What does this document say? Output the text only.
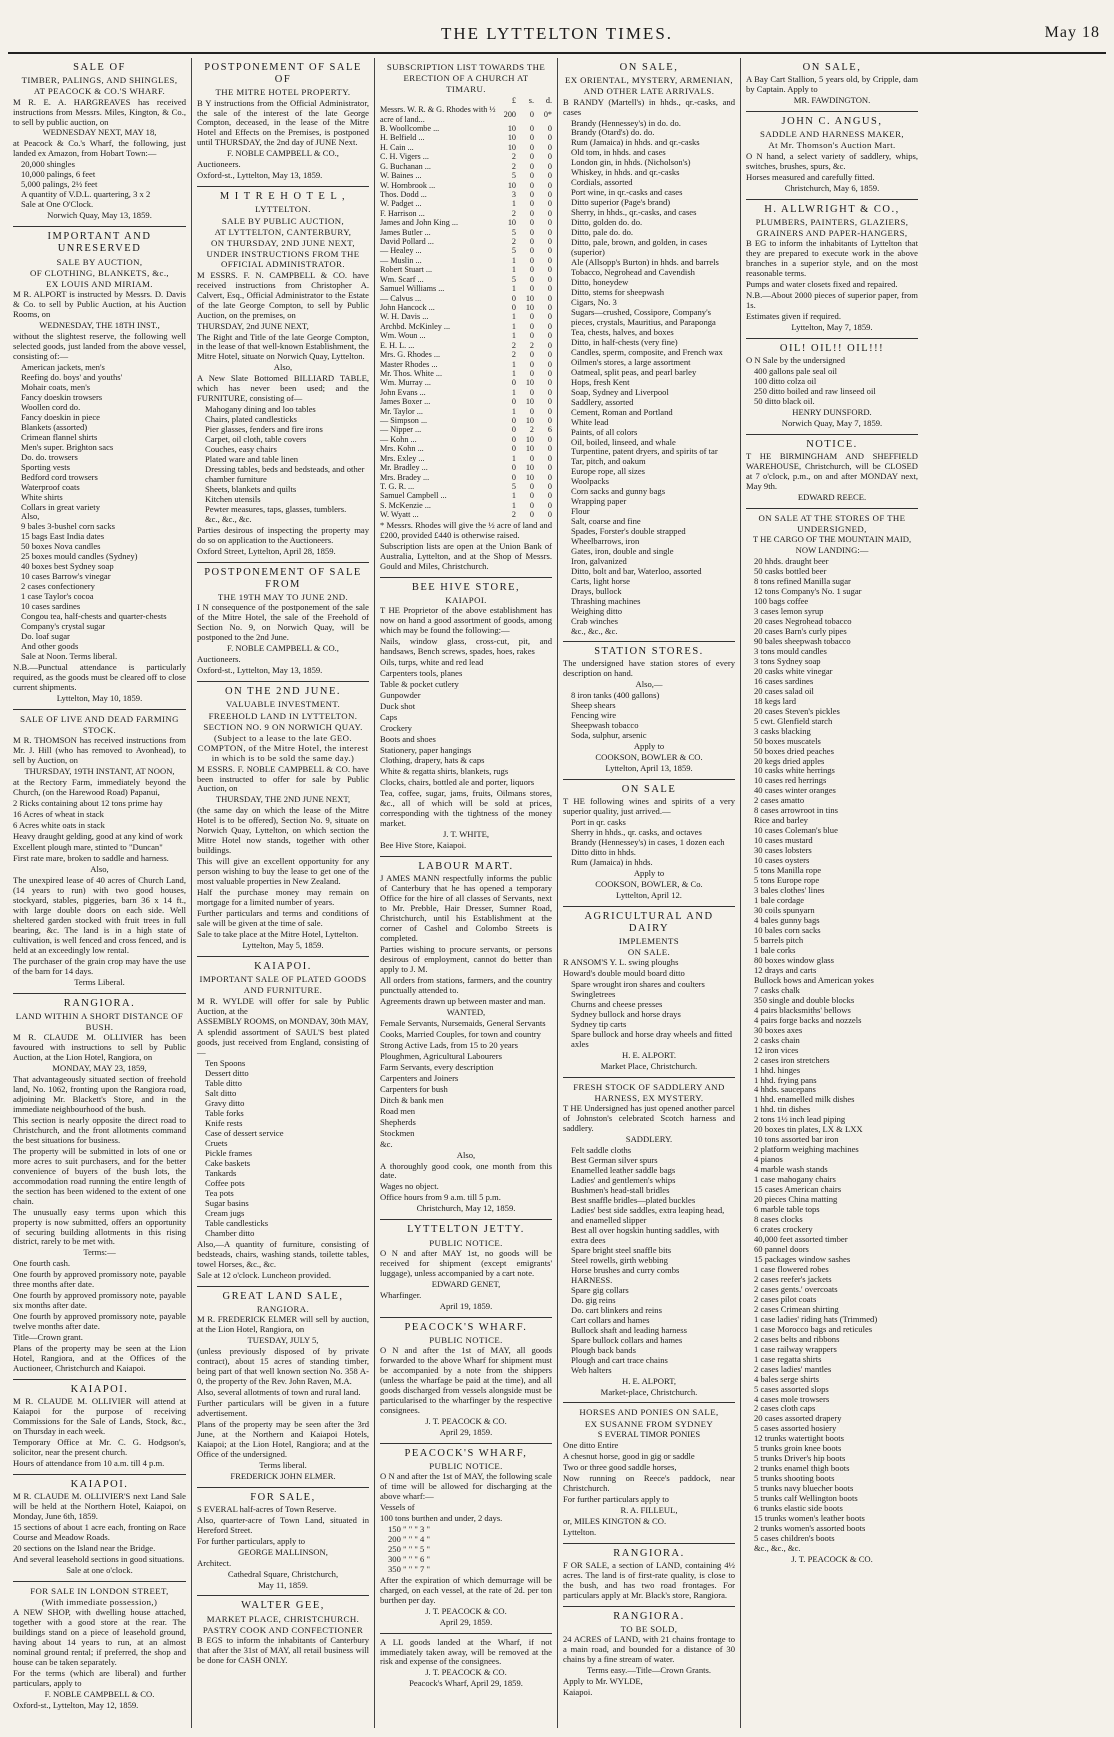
THE LYTTELTON TIMES.	May 18
SALE OF
TIMBER, PALINGS, AND SHINGLES,
AT PEACOCK & CO.'S WHARF.
M R. E. A. HARGREAVES has received instructions from Messrs. Miles, Kington, & Co., to sell by public auction, on
WEDNESDAY NEXT, MAY 18,
at Peacock & Co.'s Wharf, the following, just landed ex Amazon, from Hobart Town:—
20,000 shingles
10,000 palings, 6 feet
5,000 palings, 2½ feet
A quantity of V.D.L. quartering, 3 x 2
Sale at One O'Clock.
Norwich Quay, May 13, 1859.
IMPORTANT AND UNRESERVED
SALE BY AUCTION,
OF CLOTHING, BLANKETS, &c.,
EX LOUIS AND MIRIAM.
M R. ALPORT is instructed by Messrs. D. Davis & Co. to sell by Public Auction, at his Auction Rooms, on
WEDNESDAY, THE 18TH INST.,
without the slightest reserve, the following well selected goods, just landed from the above vessel, consisting of:—
American jackets, men's
Reefing do. boys' and youths'
Mohair coats, men's
Fancy doeskin trowsers
Woollen cord do.
Fancy doeskin in piece
Blankets (assorted)
Crimean flannel shirts
Men's super. Brighton sacs
Do. do. trowsers
Sporting vests
Bedford cord trowsers
Waterproof coats
White shirts
Collars in great variety
Also,
9 bales 3-bushel corn sacks
15 bags East India dates
50 boxes Nova candles
25 boxes mould candles (Sydney)
40 boxes best Sydney soap
10 cases Barrow's vinegar
2 cases confectionery
1 case Taylor's cocoa
10 cases sardines
Congou tea, half-chests and quarter-chests
Company's crystal sugar
Do. loaf sugar
And other goods
Sale at Noon. Terms liberal.
N.B.—Punctual attendance is particularly required, as the goods must be cleared off to close current shipments.
Lyttelton, May 10, 1859.
SALE OF LIVE AND DEAD FARMING
STOCK.
M R. THOMSON has received instructions from Mr. J. Hill (who has removed to Avonhead), to sell by Auction, on
THURSDAY, 19TH INSTANT, AT NOON,
at the Rectory Farm, immediately beyond the Church, (on the Harewood Road) Papanui,
2 Ricks containing about 12 tons prime hay
16 Acres of wheat in stack
6 Acres white oats in stack
Heavy draught gelding, good at any kind of work
Excellent plough mare, stinted to "Duncan"
First rate mare, broken to saddle and harness.
Also,
The unexpired lease of 40 acres of Church Land, (14 years to run) with two good houses, stockyard, stables, piggeries, barn 36 x 14 ft., with large double doors on each side. Well sheltered garden stocked with fruit trees in full bearing, &c. The land is in a high state of cultivation, is well fenced and cross fenced, and is held at an exceedingly low rental.
The purchaser of the grain crop may have the use of the barn for 14 days.
Terms Liberal.
RANGIORA.
LAND WITHIN A SHORT DISTANCE OF
BUSH.
M R. CLAUDE M. OLLIVIER has been favoured with instructions to sell by Public Auction, at the Lion Hotel, Rangiora, on
MONDAY, MAY 23, 1859,
That advantageously situated section of freehold land, No. 1062, fronting upon the Rangiora road, adjoining Mr. Blackett's Store, and in the immediate neighbourhood of the bush.
This section is nearly opposite the direct road to Christchurch, and the front allotments command the best situations for business.
The property will be submitted in lots of one or more acres to suit purchasers, and for the better convenience of buyers of the bush lots, the accommodation road running the entire length of the section has been widened to the extent of one chain.
The unusually easy terms upon which this property is now submitted, offers an opportunity of securing building allotments in this rising district, rarely to be met with.
Terms:—
One fourth cash.
One fourth by approved promissory note, payable three months after date.
One fourth by approved promissory note, payable six months after date.
One fourth by approved promissory note, payable twelve months after date.
Title—Crown grant.
Plans of the property may be seen at the Lion Hotel, Rangiora, and at the Offices of the Auctioneer, Christchurch and Kaiapoi.
KAIAPOI.
M R. CLAUDE M. OLLIVIER will attend at Kaiapoi for the purpose of receiving Commissions for the Sale of Lands, Stock, &c., on Thursday in each week.
Temporary Office at Mr. C. G. Hodgson's, solicitor, near the present church.
Hours of attendance from 10 a.m. till 4 p.m.
KAIAPOI.
M R. CLAUDE M. OLLIVIER'S next Land Sale will be held at the Northern Hotel, Kaiapoi, on Monday, June 6th, 1859.
15 sections of about 1 acre each, fronting on Race Course and Meadow Roads.
20 sections on the Island near the Bridge.
And several leasehold sections in good situations.
Sale at one o'clock.
FOR SALE IN LONDON STREET,
(With immediate possession,)
A NEW SHOP, with dwelling house attached, together with a good store at the rear. The buildings stand on a piece of leasehold ground, having about 14 years to run, at an almost nominal ground rental; if preferred, the shop and house can be taken separately.
For the terms (which are liberal) and further particulars, apply to
F. NOBLE CAMPBELL & CO.
Oxford-st., Lyttelton, May 12, 1859.
POSTPONEMENT OF SALE OF
THE MITRE HOTEL PROPERTY.
B Y instructions from the Official Administrator, the sale of the interest of the late George Compton, deceased, in the lease of the Mitre Hotel and Effects on the Premises, is postponed until THURSDAY, the 2nd day of JUNE Next.
F. NOBLE CAMPBELL & CO.,
Auctioneers.
Oxford-st., Lyttelton, May 13, 1859.
M I T R E H O T E L ,
LYTTELTON.
SALE BY PUBLIC AUCTION,
AT LYTTELTON, CANTERBURY,
ON THURSDAY, 2ND JUNE NEXT,
UNDER INSTRUCTIONS FROM THE OFFICIAL ADMINISTRATOR.
M ESSRS. F. N. CAMPBELL & CO. have received instructions from Christopher A. Calvert, Esq., Official Administrator to the Estate of the late George Compton, to sell by Public Auction, on the premises, on
THURSDAY, 2nd JUNE NEXT,
The Right and Title of the late George Compton, in the lease of that well-known Establishment, the Mitre Hotel, situate on Norwich Quay, Lyttelton.
Also,
A New Slate Bottomed BILLIARD TABLE, which has never been used; and the FURNITURE, consisting of—
Mahogany dining and loo tables
Chairs, plated candlesticks
Pier glasses, fenders and fire irons
Carpet, oil cloth, table covers
Couches, easy chairs
Plated ware and table linen
Dressing tables, beds and bedsteads, and other chamber furniture
Sheets, blankets and quilts
Kitchen utensils
Pewter measures, taps, glasses, tumblers.
&c., &c., &c.
Parties desirous of inspecting the property may do so on application to the Auctioneers.
Oxford Street, Lyttelton, April 28, 1859.
POSTPONEMENT OF SALE FROM
THE 19TH MAY TO JUNE 2ND.
I N consequence of the postponement of the sale of the Mitre Hotel, the sale of the Freehold of Section No. 9, on Norwich Quay, will be postponed to the 2nd June.
F. NOBLE CAMPBELL & CO.,
Auctioneers.
Oxford-st., Lyttelton, May 13, 1859.
ON THE 2ND JUNE.
VALUABLE INVESTMENT.
FREEHOLD LAND IN LYTTELTON.
SECTION NO. 9 ON NORWICH QUAY.
(Subject to a lease to the late GEO. COMPTON, of the Mitre Hotel, the interest in which is to be sold the same day.)
M ESSRS. F. NOBLE CAMPBELL & CO. have been instructed to offer for sale by Public Auction, on
THURSDAY, THE 2ND JUNE NEXT,
(the same day on which the lease of the Mitre Hotel is to be offered), Section No. 9, situate on Norwich Quay, Lyttelton, on which section the Mitre Hotel now stands, together with other buildings.
This will give an excellent opportunity for any person wishing to buy the lease to get one of the most valuable properties in New Zealand.
Half the purchase money may remain on mortgage for a limited number of years.
Further particulars and terms and conditions of sale will be given at the time of sale.
Sale to take place at the Mitre Hotel, Lyttelton.
Lyttelton, May 5, 1859.
KAIAPOI.
IMPORTANT SALE OF PLATED GOODS
AND FURNITURE.
M R. WYLDE will offer for sale by Public Auction, at the
ASSEMBLY ROOMS, on MONDAY, 30th MAY,
A splendid assortment of SAUL'S best plated goods, just received from England, consisting of—
Ten Spoons
Dessert ditto
Table ditto
Salt ditto
Gravy ditto
Table forks
Knife rests
Case of dessert service
Cruets
Pickle frames
Cake baskets
Tankards
Coffee pots
Tea pots
Sugar basins
Cream jugs
Table candlesticks
Chamber ditto
Also,—A quantity of furniture, consisting of bedsteads, chairs, washing stands, toilette tables, towel Horses, &c., &c.
Sale at 12 o'clock. Luncheon provided.
GREAT LAND SALE,
RANGIORA.
M R. FREDERICK ELMER will sell by auction, at the Lion Hotel, Rangiora, on
TUESDAY, JULY 5,
(unless previously disposed of by private contract), about 15 acres of standing timber, being part of that well known section No. 358 A-0, the property of the Rev. John Raven, M.A.
Also, several allotments of town and rural land.
Further particulars will be given in a future advertisement.
Plans of the property may be seen after the 3rd June, at the Northern and Kaiapoi Hotels, Kaiapoi; at the Lion Hotel, Rangiora; and at the Office of the undersigned.
Terms liberal.
FREDERICK JOHN ELMER.
FOR SALE,
S EVERAL half-acres of Town Reserve.
Also, quarter-acre of Town Land, situated in Hereford Street.
For further particulars, apply to
GEORGE MALLINSON,
Architect.
Cathedral Square, Christchurch,
May 11, 1859.
WALTER GEE,
MARKET PLACE, CHRISTCHURCH.
PASTRY COOK AND CONFECTIONER
B EGS to inform the inhabitants of Canterbury that after the 31st of MAY, all retail business will be done for CASH ONLY.
SUBSCRIPTION LIST TOWARDS THE
ERECTION OF A CHURCH AT
TIMARU.
	£	s.	d.
Messrs. W. R. & G. Rhodes with ½ acre of land...	200	0	0*
B. Woollcombe ...	10	0	0
H. Belfield ...	10	0	0
H. Cain ...	10	0	0
C. H. Vigers ...	2	0	0
G. Buchanan ...	2	0	0
W. Baines ...	5	0	0
W. Hornbrook ...	10	0	0
Thos. Dodd ...	3	0	0
W. Padget ...	1	0	0
F. Harrison ...	2	0	0
James and John King ...	10	0	0
James Butler ...	5	0	0
David Pollard ...	2	0	0
— Healey ...	5	0	0
— Muslin ...	1	0	0
Robert Stuart ...	1	0	0
Wm. Scarf ...	5	0	0
Samuel Williams ...	1	0	0
— Calvus ...	0	10	0
John Hancock ...	0	10	0
W. H. Davis ...	1	0	0
Archbd. McKinley ...	1	0	0
Wm. Woun ...	1	0	0
E. H. L. ...	2	2	0
Mrs. G. Rhodes ...	2	0	0
Master Rhodes ...	1	0	0
Mr. Thos. White ...	1	0	0
Wm. Murray ...	0	10	0
John Evans ...	1	0	0
James Boxer ...	0	10	0
Mr. Taylor ...	1	0	0
— Simpson ...	0	10	0
— Nipper ...	0	2	6
— Kohn ...	0	10	0
Mrs. Kohn ...	0	10	0
Mrs. Exley ...	1	0	0
Mr. Bradley ...	0	10	0
Mrs. Bradey ...	0	10	0
T. G. R. ...	5	0	0
Samuel Campbell ...	1	0	0
S. McKenzie ...	1	0	0
W. Wyatt ...	2	0	0
* Messrs. Rhodes will give the ½ acre of land and £200, provided £440 is otherwise raised.
Subscription lists are open at the Union Bank of Australia, Lyttelton, and at the Shop of Messrs. Gould and Miles, Christchurch.
BEE HIVE STORE,
KAIAPOI.
T HE Proprietor of the above establishment has now on hand a good assortment of goods, among which may be found the following:—
Nails, window glass, cross-cut, pit, and handsaws, Bench screws, spades, hoes, rakes
Oils, turps, white and red lead
Carpenters tools, planes
Table & pocket cutlery
Gunpowder
Duck shot
Caps
Crockery
Boots and shoes
Stationery, paper hangings
Clothing, drapery, hats & caps
White & regatta shirts, blankets, rugs
Clocks, chairs, bottled ale and porter, liquors
Tea, coffee, sugar, jams, fruits, Oilmans stores, &c., all of which will be sold at prices, corresponding with the tightness of the money market.
J. T. WHITE,
Bee Hive Store, Kaiapoi.
LABOUR MART.
J AMES MANN respectfully informs the public of Canterbury that he has opened a temporary Office for the hire of all classes of Servants, next to Mr. Prebble, Hair Dresser, Sumner Road, Christchurch, until his Establishment at the corner of Cashel and Colombo Streets is completed.
Parties wishing to procure servants, or persons desirous of employment, cannot do better than apply to J. M.
All orders from stations, farmers, and the country punctually attended to.
Agreements drawn up between master and man.
WANTED,
Female Servants, Nursemaids, General Servants
Cooks, Married Couples, for town and country
Strong Active Lads, from 15 to 20 years
Ploughmen, Agricultural Labourers
Farm Servants, every description
Carpenters and Joiners
Carpenters for bush
Ditch & bank men
Road men
Shepherds
Stockmen
&c.
Also,
A thoroughly good cook, one month from this date.
Wages no object.
Office hours from 9 a.m. till 5 p.m.
Christchurch, May 12, 1859.
LYTTELTON JETTY.
PUBLIC NOTICE.
O N and after MAY 1st, no goods will be received for shipment (except emigrants' luggage), unless accompanied by a cart note.
EDWARD GENET,
Wharfinger.
April 19, 1859.
PEACOCK'S WHARF.
PUBLIC NOTICE.
O N and after the 1st of MAY, all goods forwarded to the above Wharf for shipment must be accompanied by a note from the shippers (unless the wharfage be paid at the time), and all goods discharged from vessels alongside must be particularised to the wharfinger by the respective consignees.
J. T. PEACOCK & CO.
April 29, 1859.
PEACOCK'S WHARF,
PUBLIC NOTICE.
O N and after the 1st of MAY, the following scale of time will be allowed for discharging at the above wharf:—
Vessels of
100 tons burthen and under, 2 days.
150 " " " 3 "
200 " " " 4 "
250 " " " 5 "
300 " " " 6 "
350 " " " 7 "
After the expiration of which demurrage will be charged, on each vessel, at the rate of 2d. per ton burthen per day.
J. T. PEACOCK & CO.
April 29, 1859.
A LL goods landed at the Wharf, if not immediately taken away, will be removed at the risk and expense of the consignees.
J. T. PEACOCK & CO.
Peacock's Wharf, April 29, 1859.
ON SALE,
EX ORIENTAL, MYSTERY, ARMENIAN,
AND OTHER LATE ARRIVALS.
B RANDY (Martell's) in hhds., qr.-casks, and cases
Brandy (Hennessey's) in do. do.
Brandy (Otard's) do. do.
Rum (Jamaica) in hhds. and qr.-casks
Old tom, in hhds. and cases
London gin, in hhds. (Nicholson's)
Whiskey, in hhds. and qr.-casks
Cordials, assorted
Port wine, in qr.-casks and cases
Ditto superior (Page's brand)
Sherry, in hhds., qr.-casks, and cases
Ditto, golden do. do.
Ditto, pale do. do.
Ditto, pale, brown, and golden, in cases (superior)
Ale (Allsopp's Burton) in hhds. and barrels
Tobacco, Negrohead and Cavendish
Ditto, honeydew
Ditto, stems for sheepwash
Cigars, No. 3
Sugars—crushed, Cossipore, Company's pieces, crystals, Mauritius, and Paraponga
Tea, chests, halves, and boxes
Ditto, in half-chests (very fine)
Candles, sperm, composite, and French wax
Oilmen's stores, a large assortment
Oatmeal, split peas, and pearl barley
Hops, fresh Kent
Soap, Sydney and Liverpool
Saddlery, assorted
Cement, Roman and Portland
White lead
Paints, of all colors
Oil, boiled, linseed, and whale
Turpentine, patent dryers, and spirits of tar
Tar, pitch, and oakum
Europe rope, all sizes
Woolpacks
Corn sacks and gunny bags
Wrapping paper
Flour
Salt, coarse and fine
Spades, Forster's double strapped
Wheelbarrows, iron
Gates, iron, double and single
Iron, galvanized
Ditto, bolt and bar, Waterloo, assorted
Carts, light horse
Drays, bullock
Thrashing machines
Weighing ditto
Crab winches
&c., &c., &c.
STATION STORES.
The undersigned have station stores of every description on hand.
Also,—
8 iron tanks (400 gallons)
Sheep shears
Fencing wire
Sheepwash tobacco
Soda, sulphur, arsenic
Apply to
COOKSON, BOWLER & CO.
Lyttelton, April 13, 1859.
ON SALE
T HE following wines and spirits of a very superior quality, just arrived.—
Port in qr. casks
Sherry in hhds., qr. casks, and octaves
Brandy (Hennessey's) in cases, 1 dozen each
Ditto ditto in hhds.
Rum (Jamaica) in hhds.
Apply to
COOKSON, BOWLER, & Co.
Lyttelton, April 12.
AGRICULTURAL AND DAIRY
IMPLEMENTS
ON SALE.
R ANSOM'S Y. L. swing ploughs
Howard's double mould board ditto
Spare wrought iron shares and coulters
Swingletrees
Churns and cheese presses
Sydney bullock and horse drays
Sydney tip carts
Spare bullock and horse dray wheels and fitted axles
H. E. ALPORT.
Market Place, Christchurch.
FRESH STOCK OF SADDLERY AND
HARNESS, EX MYSTERY.
T HE Undersigned has just opened another parcel of Johnston's celebrated Scotch harness and saddlery.
SADDLERY.
Felt saddle cloths
Best German silver spurs
Enamelled leather saddle bags
Ladies' and gentlemen's whips
Bushmen's head-stall bridles
Best snaffle bridles—plated buckles
Ladies' best side saddles, extra leaping head, and enamelled slipper
Best all over hogskin hunting saddles, with extra dees
Spare bright steel snaffle bits
Steel rowells, girth webbing
Horse brushes and curry combs
HARNESS.
Spare gig collars
Do. gig reins
Do. cart blinkers and reins
Cart collars and hames
Bullock shaft and leading harness
Spare bullock collars and hames
Plough back bands
Plough and cart trace chains
Web halters
H. E. ALPORT,
Market-place, Christchurch.
HORSES AND PONIES ON SALE,
EX SUSANNE FROM SYDNEY
S EVERAL TIMOR PONIES
One ditto Entire
A chesnut horse, good in gig or saddle
Two or three good saddle horses,
Now running on Reece's paddock, near Christchurch.
For further particulars apply to
R. A. FILLEUL,
or, MILES KINGTON & CO.
Lyttelton.
RANGIORA.
F OR SALE, a section of LAND, containing 4½ acres. The land is of first-rate quality, is close to the bush, and has two road frontages. For particulars apply at Mr. Black's store, Rangiora.
RANGIORA.
TO BE SOLD,
24 ACRES of LAND, with 21 chains frontage to a main road, and bounded for a distance of 30 chains by a fine stream of water.
Terms easy.—Title—Crown Grants.
Apply to Mr. WYLDE,
Kaiapoi.
ON SALE,
A Bay Cart Stallion, 5 years old, by Cripple, dam by Captain. Apply to
MR. FAWDINGTON.
JOHN C. ANGUS,
SADDLE AND HARNESS MAKER,
At Mr. Thomson's Auction Mart.
O N hand, a select variety of saddlery, whips, switches, brushes, spurs, &c.
Horses measured and carefully fitted.
Christchurch, May 6, 1859.
H. ALLWRIGHT & CO.,
PLUMBERS, PAINTERS, GLAZIERS,
GRAINERS AND PAPER-HANGERS,
B EG to inform the inhabitants of Lyttelton that they are prepared to execute work in the above branches in a superior style, and on the most reasonable terms.
Pumps and water closets fixed and repaired.
N.B.—About 2000 pieces of superior paper, from 1s.
Estimates given if required.
Lyttelton, May 7, 1859.
OIL! OIL!! OIL!!!
O N Sale by the undersigned
400 gallons pale seal oil
100 ditto colza oil
250 ditto boiled and raw linseed oil
50 ditto black oil.
HENRY DUNSFORD.
Norwich Quay, May 7, 1859.
NOTICE.
T HE BIRMINGHAM AND SHEFFIELD WAREHOUSE, Christchurch, will be CLOSED at 7 o'clock, p.m., on and after MONDAY next, May 9th.
EDWARD REECE.
ON SALE AT THE STORES OF THE
UNDERSIGNED,
T HE CARGO OF THE MOUNTAIN MAID,
NOW LANDING:—
20 hhds. draught beer
50 casks bottled beer
8 tons refined Manilla sugar
12 tons Company's No. 1 sugar
100 bags coffee
3 cases lemon syrup
20 cases Negrohead tobacco
20 cases Barn's curly pipes
90 bales sheepwash tobacco
3 tons mould candles
3 tons Sydney soap
20 casks white vinegar
16 cases sardines
20 cases salad oil
18 kegs lard
20 cases Steven's pickles
5 cwt. Glenfield starch
3 casks blacking
50 boxes muscatels
50 boxes dried peaches
20 kegs dried apples
10 casks white herrings
10 cases red herrings
40 cases winter oranges
2 cases amatto
8 cases arrowroot in tins
Rice and barley
10 cases Coleman's blue
10 cases mustard
30 cases lobsters
10 cases oysters
5 tons Manilla rope
5 tons Europe rope
3 bales clothes' lines
1 bale cordage
30 coils spunyarn
4 bales gunny bags
10 bales corn sacks
5 barrels pitch
1 bale corks
80 boxes window glass
12 drays and carts
Bullock bows and American yokes
7 casks chalk
350 single and double blocks
4 pairs blacksmiths' bellows
4 pairs forge backs and nozzels
30 boxes axes
2 casks chain
12 iron vices
2 cases iron stretchers
1 hhd. hinges
1 hhd. frying pans
4 hhds. saucepans
1 hhd. enamelled milk dishes
1 hhd. tin dishes
2 tons 1½ inch lead piping
20 boxes tin plates, LX & LXX
10 tons assorted bar iron
2 platform weighing machines
4 pianos
4 marble wash stands
1 case mahogany chairs
15 cases American chairs
20 pieces China matting
6 marble table tops
8 cases clocks
6 crates crockery
40,000 feet assorted timber
60 pannel doors
15 packages window sashes
1 case flowered robes
2 cases reefer's jackets
2 cases gents.' overcoats
2 cases pilot coats
2 cases Crimean shirting
1 case ladies' riding hats (Trimmed)
1 case Morocco bags and reticules
2 cases belts and ribbons
1 case railway wrappers
1 case regatta shirts
2 cases ladies' mantles
4 bales serge shirts
5 cases assorted slops
4 cases mole trowsers
2 cases cloth caps
20 cases assorted drapery
5 cases assorted hosiery
12 trunks watertight boots
5 trunks groin knee boots
5 trunks Driver's hip boots
2 trunks enamel thigh boots
5 trunks shooting boots
5 trunks navy bluecher boots
5 trunks calf Wellington boots
6 trunks elastic side boots
15 trunks women's leather boots
2 trunks women's assorted boots
5 cases children's boots
&c., &c., &c.
J. T. PEACOCK & CO.
